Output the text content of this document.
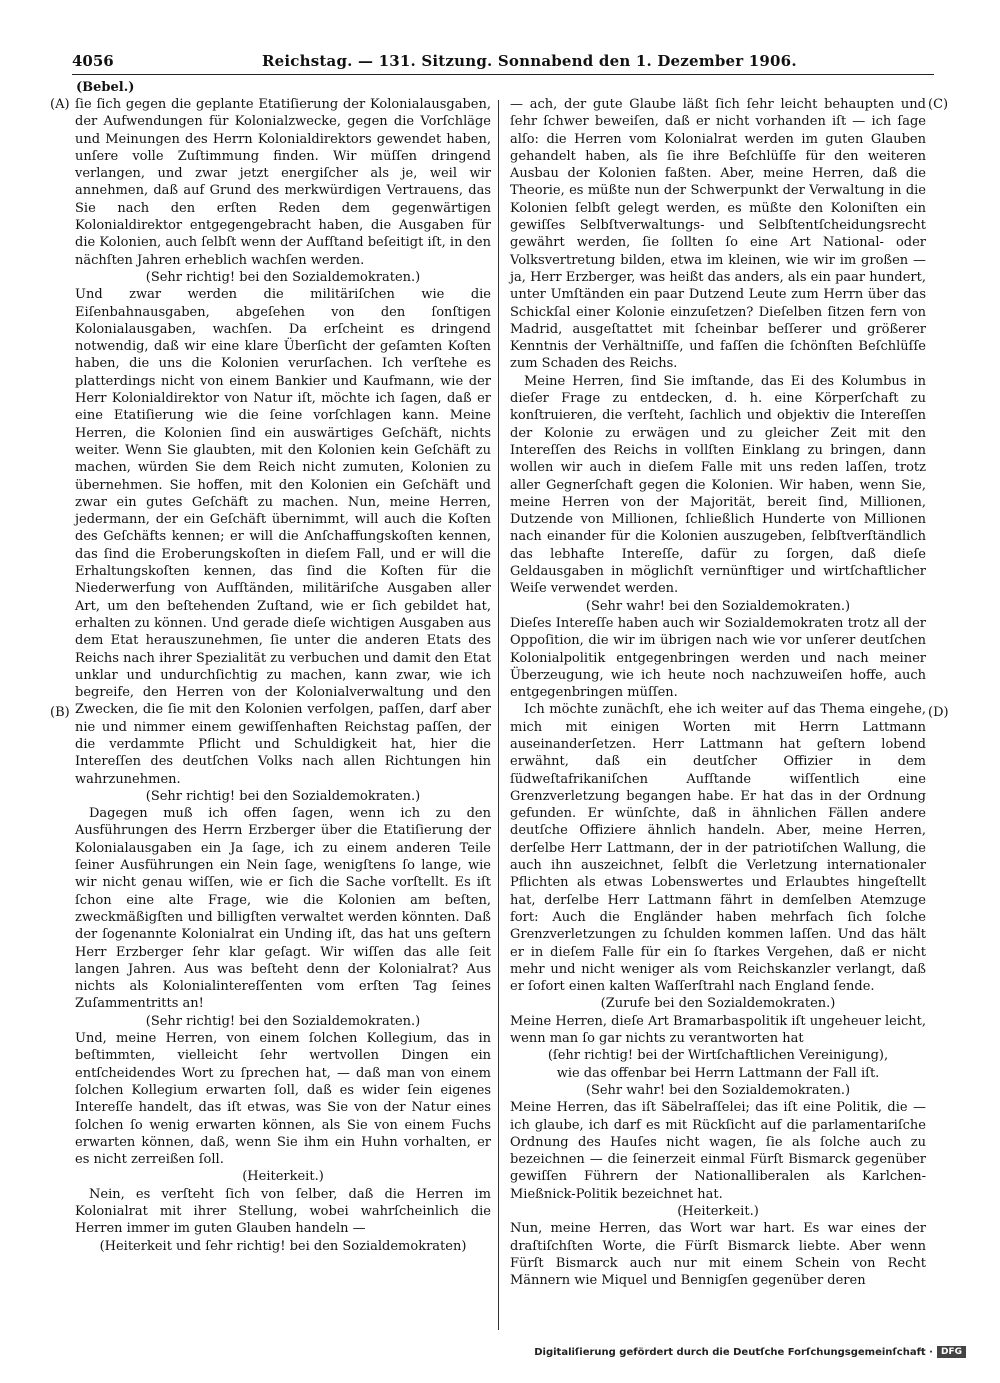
4056	Reichstag. — 131. Sitzung. Sonnabend den 1. Dezember 1906.
(Bebel.)
(A)
(B)
(C)
(D)

ſie ſich gegen die geplante Etatiſierung der Kolonialausgaben, der Aufwendungen für Kolonialzwecke, gegen die Vorſchläge und Meinungen des Herrn Kolonialdirektors gewendet haben, unſere volle Zuſtimmung finden. Wir müſſen dringend verlangen, und zwar jetzt energiſcher als je, weil wir annehmen, daß auf Grund des merkwürdigen Vertrauens, das Sie nach den erſten Reden dem gegenwärtigen Kolonialdirektor entgegengebracht haben, die Ausgaben für die Kolonien, auch ſelbſt wenn der Aufſtand beſeitigt iſt, in den nächſten Jahren erheblich wachſen werden.

(Sehr richtig! bei den Sozialdemokraten.)

Und zwar werden die militäriſchen wie die Eiſenbahnausgaben, abgeſehen von den ſonſtigen Kolonialausgaben, wachſen. Da erſcheint es dringend notwendig, daß wir eine klare Überſicht der geſamten Koſten haben, die uns die Kolonien verurſachen. Ich verſtehe es platterdings nicht von einem Bankier und Kaufmann, wie der Herr Kolonialdirektor von Natur iſt, möchte ich ſagen, daß er eine Etatiſierung wie die ſeine vorſchlagen kann. Meine Herren, die Kolonien ſind ein auswärtiges Geſchäft, nichts weiter. Wenn Sie glaubten, mit den Kolonien kein Geſchäft zu machen, würden Sie dem Reich nicht zumuten, Kolonien zu übernehmen. Sie hoffen, mit den Kolonien ein Geſchäft und zwar ein gutes Geſchäft zu machen. Nun, meine Herren, jedermann, der ein Geſchäft übernimmt, will auch die Koſten des Geſchäfts kennen; er will die Anſchaffungskoſten kennen, das ſind die Eroberungskoſten in dieſem Fall, und er will die Erhaltungskoſten kennen, das ſind die Koſten für die Niederwerfung von Aufſtänden, militäriſche Ausgaben aller Art, um den beſtehenden Zuſtand, wie er ſich gebildet hat, erhalten zu können. Und gerade dieſe wichtigen Ausgaben aus dem Etat herauszunehmen, ſie unter die anderen Etats des Reichs nach ihrer Spezialität zu verbuchen und damit den Etat unklar und undurchſichtig zu machen, kann zwar, wie ich begreife, den Herren von der Kolonialverwaltung und den Zwecken, die ſie mit den Kolonien verfolgen, paſſen, darf aber nie und nimmer einem gewiſſenhaften Reichstag paſſen, der die verdammte Pflicht und Schuldigkeit hat, hier die Intereſſen des deutſchen Volks nach allen Richtungen hin wahrzunehmen.

(Sehr richtig! bei den Sozialdemokraten.)

Dagegen muß ich offen ſagen, wenn ich zu den Ausführungen des Herrn Erzberger über die Etatiſierung der Kolonialausgaben ein Ja ſage, ich zu einem anderen Teile ſeiner Ausführungen ein Nein ſage, wenigſtens ſo lange, wie wir nicht genau wiſſen, wie er ſich die Sache vorſtellt. Es iſt ſchon eine alte Frage, wie die Kolonien am beſten, zweckmäßigſten und billigſten verwaltet werden könnten. Daß der ſogenannte Kolonialrat ein Unding iſt, das hat uns geſtern Herr Erzberger ſehr klar geſagt. Wir wiſſen das alle ſeit langen Jahren. Aus was beſteht denn der Kolonialrat? Aus nichts als Kolonialintereſſenten vom erſten Tag ſeines Zuſammentritts an!

(Sehr richtig! bei den Sozialdemokraten.)

Und, meine Herren, von einem ſolchen Kollegium, das in beſtimmten, vielleicht ſehr wertvollen Dingen ein entſcheidendes Wort zu ſprechen hat, — daß man von einem ſolchen Kollegium erwarten ſoll, daß es wider ſein eigenes Intereſſe handelt, das iſt etwas, was Sie von der Natur eines ſolchen ſo wenig erwarten können, als Sie von einem Fuchs erwarten können, daß, wenn Sie ihm ein Huhn vorhalten, er es nicht zerreißen ſoll.

(Heiterkeit.)

Nein, es verſteht ſich von ſelber, daß die Herren im Kolonialrat mit ihrer Stellung, wobei wahrſcheinlich die Herren immer im guten Glauben handeln —

(Heiterkeit und ſehr richtig! bei den Sozialdemokraten)

— ach, der gute Glaube läßt ſich ſehr leicht behaupten und ſehr ſchwer beweiſen, daß er nicht vorhanden iſt — ich ſage alſo: die Herren vom Kolonialrat werden im guten Glauben gehandelt haben, als ſie ihre Beſchlüſſe für den weiteren Ausbau der Kolonien faßten. Aber, meine Herren, daß die Theorie, es müßte nun der Schwerpunkt der Verwaltung in die Kolonien ſelbſt gelegt werden, es müßte den Koloniſten ein gewiſſes Selbſtverwaltungs- und Selbſtentſcheidungsrecht gewährt werden, ſie ſollten ſo eine Art National- oder Volksvertretung bilden, etwa im kleinen, wie wir im großen — ja, Herr Erzberger, was heißt das anders, als ein paar hundert, unter Umſtänden ein paar Dutzend Leute zum Herrn über das Schickſal einer Kolonie einzuſetzen? Dieſelben ſitzen fern von Madrid, ausgeſtattet mit ſcheinbar beſſerer und größerer Kenntnis der Verhältniſſe, und faſſen die ſchönſten Beſchlüſſe zum Schaden des Reichs.

Meine Herren, ſind Sie imſtande, das Ei des Kolumbus in dieſer Frage zu entdecken, d. h. eine Körperſchaft zu konſtruieren, die verſteht, ſachlich und objektiv die Intereſſen der Kolonie zu erwägen und zu gleicher Zeit mit den Intereſſen des Reichs in vollſten Einklang zu bringen, dann wollen wir auch in dieſem Falle mit uns reden laſſen, trotz aller Gegnerſchaft gegen die Kolonien. Wir haben, wenn Sie, meine Herren von der Majorität, bereit ſind, Millionen, Dutzende von Millionen, ſchließlich Hunderte von Millionen nach einander für die Kolonien auszugeben, ſelbſtverſtändlich das lebhafte Intereſſe, dafür zu ſorgen, daß dieſe Geldausgaben in möglichſt vernünftiger und wirtſchaftlicher Weiſe verwendet werden.

(Sehr wahr! bei den Sozialdemokraten.)

Dieſes Intereſſe haben auch wir Sozialdemokraten trotz all der Oppoſition, die wir im übrigen nach wie vor unſerer deutſchen Kolonialpolitik entgegenbringen werden und nach meiner Überzeugung, wie ich heute noch nachzuweiſen hoffe, auch entgegenbringen müſſen.

Ich möchte zunächſt, ehe ich weiter auf das Thema eingehe, mich mit einigen Worten mit Herrn Lattmann auseinanderſetzen. Herr Lattmann hat geſtern lobend erwähnt, daß ein deutſcher Offizier in dem ſüdweſtafrikaniſchen Aufſtande wiſſentlich eine Grenzverletzung begangen habe. Er hat das in der Ordnung gefunden. Er wünſchte, daß in ähnlichen Fällen andere deutſche Offiziere ähnlich handeln. Aber, meine Herren, derſelbe Herr Lattmann, der in der patriotiſchen Wallung, die auch ihn auszeichnet, ſelbſt die Verletzung internationaler Pflichten als etwas Lobenswertes und Erlaubtes hingeſtellt hat, derſelbe Herr Lattmann fährt in demſelben Atemzuge fort: Auch die Engländer haben mehrfach ſich ſolche Grenzverletzungen zu ſchulden kommen laſſen. Und das hält er in dieſem Falle für ein ſo ſtarkes Vergehen, daß er nicht mehr und nicht weniger als vom Reichskanzler verlangt, daß er ſofort einen kalten Waſſerſtrahl nach England ſende.

(Zurufe bei den Sozialdemokraten.)

Meine Herren, dieſe Art Bramarbaspolitik iſt ungeheuer leicht, wenn man ſo gar nichts zu verantworten hat

(ſehr richtig! bei der Wirtſchaftlichen Vereinigung),

wie das offenbar bei Herrn Lattmann der Fall iſt.

(Sehr wahr! bei den Sozialdemokraten.)

Meine Herren, das iſt Säbelraſſelei; das iſt eine Politik, die — ich glaube, ich darf es mit Rückſicht auf die parlamentariſche Ordnung des Hauſes nicht wagen, ſie als ſolche auch zu bezeichnen — die ſeinerzeit einmal Fürſt Bismarck gegenüber gewiſſen Führern der Nationalliberalen als Karlchen-Mießnick-Politik bezeichnet hat.

(Heiterkeit.)

Nun, meine Herren, das Wort war hart. Es war eines der draſtiſchſten Worte, die Fürſt Bismarck liebte. Aber wenn Fürſt Bismarck auch nur mit einem Schein von Recht Männern wie Miquel und Bennigſen gegenüber deren

Digitaliſierung gefördert durch die Deutſche Forſchungsgemeinſchaft · DFG
